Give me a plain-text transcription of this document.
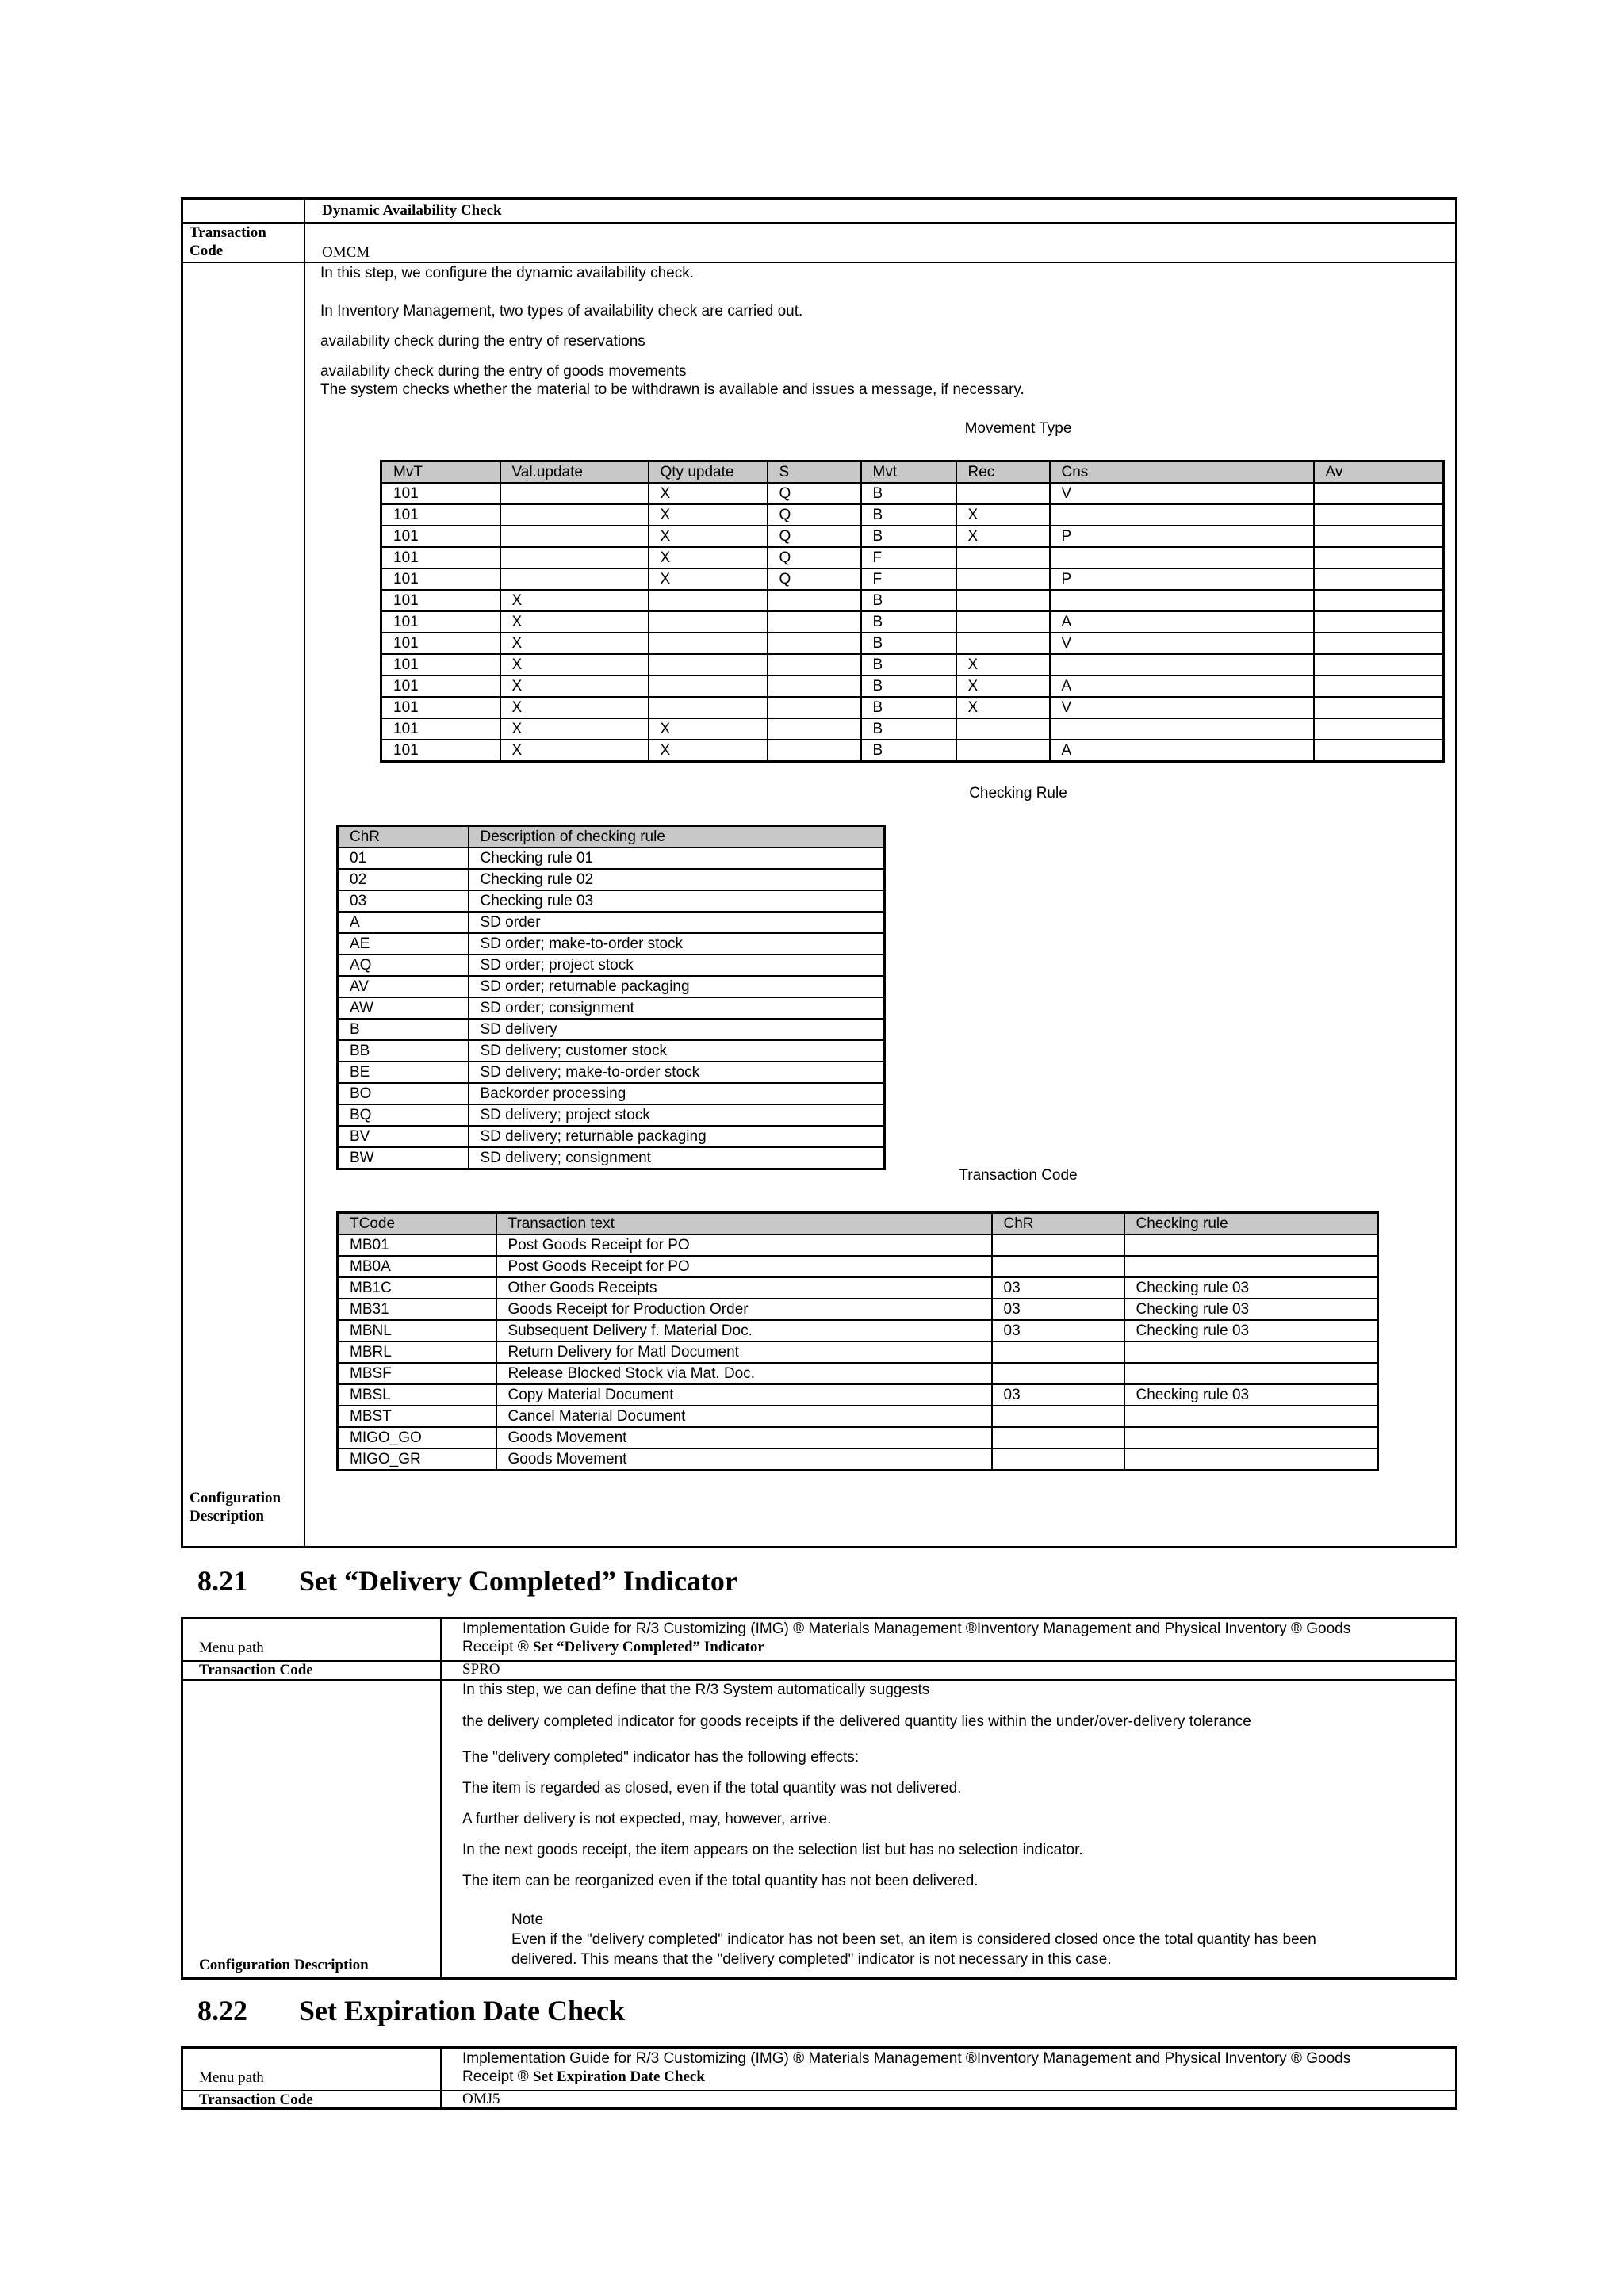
Dynamic Availability Check
Transaction Code	OMCM
Configuration Description
In this step, we configure the dynamic availability check.
In Inventory Management, two types of availability check are carried out.
availability check during the entry of reservations
availability check during the entry of goods movements
The system checks whether the material to be withdrawn is available and issues a message, if necessary.
Movement Type
MvT	Val.update	Qty update	S	Mvt	Rec	Cns	Av
101		X	Q	B		V	
101		X	Q	B	X		
101		X	Q	B	X	P	
101		X	Q	F			
101		X	Q	F		P	
101	X			B			
101	X			B		A	
101	X			B		V	
101	X			B	X		
101	X			B	X	A	
101	X			B	X	V	
101	X	X		B			
101	X	X		B		A	
Checking Rule
ChR	Description of checking rule
01	Checking rule 01
02	Checking rule 02
03	Checking rule 03
A	SD order
AE	SD order; make-to-order stock
AQ	SD order; project stock
AV	SD order; returnable packaging
AW	SD order; consignment
B	SD delivery
BB	SD delivery; customer stock
BE	SD delivery; make-to-order stock
BO	Backorder processing
BQ	SD delivery; project stock
BV	SD delivery; returnable packaging
BW	SD delivery; consignment
Transaction Code
TCode	Transaction text	ChR	Checking rule
MB01	Post Goods Receipt for PO		
MB0A	Post Goods Receipt for PO		
MB1C	Other Goods Receipts	03	Checking rule 03
MB31	Goods Receipt for Production Order	03	Checking rule 03
MBNL	Subsequent Delivery f. Material Doc.	03	Checking rule 03
MBRL	Return Delivery for Matl Document		
MBSF	Release Blocked Stock via Mat. Doc.		
MBSL	Copy Material Document	03	Checking rule 03
MBST	Cancel Material Document		
MIGO_GO	Goods Movement		
MIGO_GR	Goods Movement		
8.21 Set “Delivery Completed” Indicator
Menu path
Implementation Guide for R/3 Customizing (IMG) ® Materials Management ®Inventory Management and Physical Inventory ® Goods
Receipt ® Set “Delivery Completed” Indicator
Transaction Code	SPRO
Configuration Description
In this step, we can define that the R/3 System automatically suggests
the delivery completed indicator for goods receipts if the delivered quantity lies within the under/over-delivery tolerance
The "delivery completed" indicator has the following effects:
The item is regarded as closed, even if the total quantity was not delivered.
A further delivery is not expected, may, however, arrive.
In the next goods receipt, the item appears on the selection list but has no selection indicator.
The item can be reorganized even if the total quantity has not been delivered.
Note
Even if the "delivery completed" indicator has not been set, an item is considered closed once the total quantity has been
delivered. This means that the "delivery completed" indicator is not necessary in this case.
8.22 Set Expiration Date Check
Menu path
Implementation Guide for R/3 Customizing (IMG) ® Materials Management ®Inventory Management and Physical Inventory ® Goods
Receipt ® Set Expiration Date Check
Transaction Code	OMJ5
